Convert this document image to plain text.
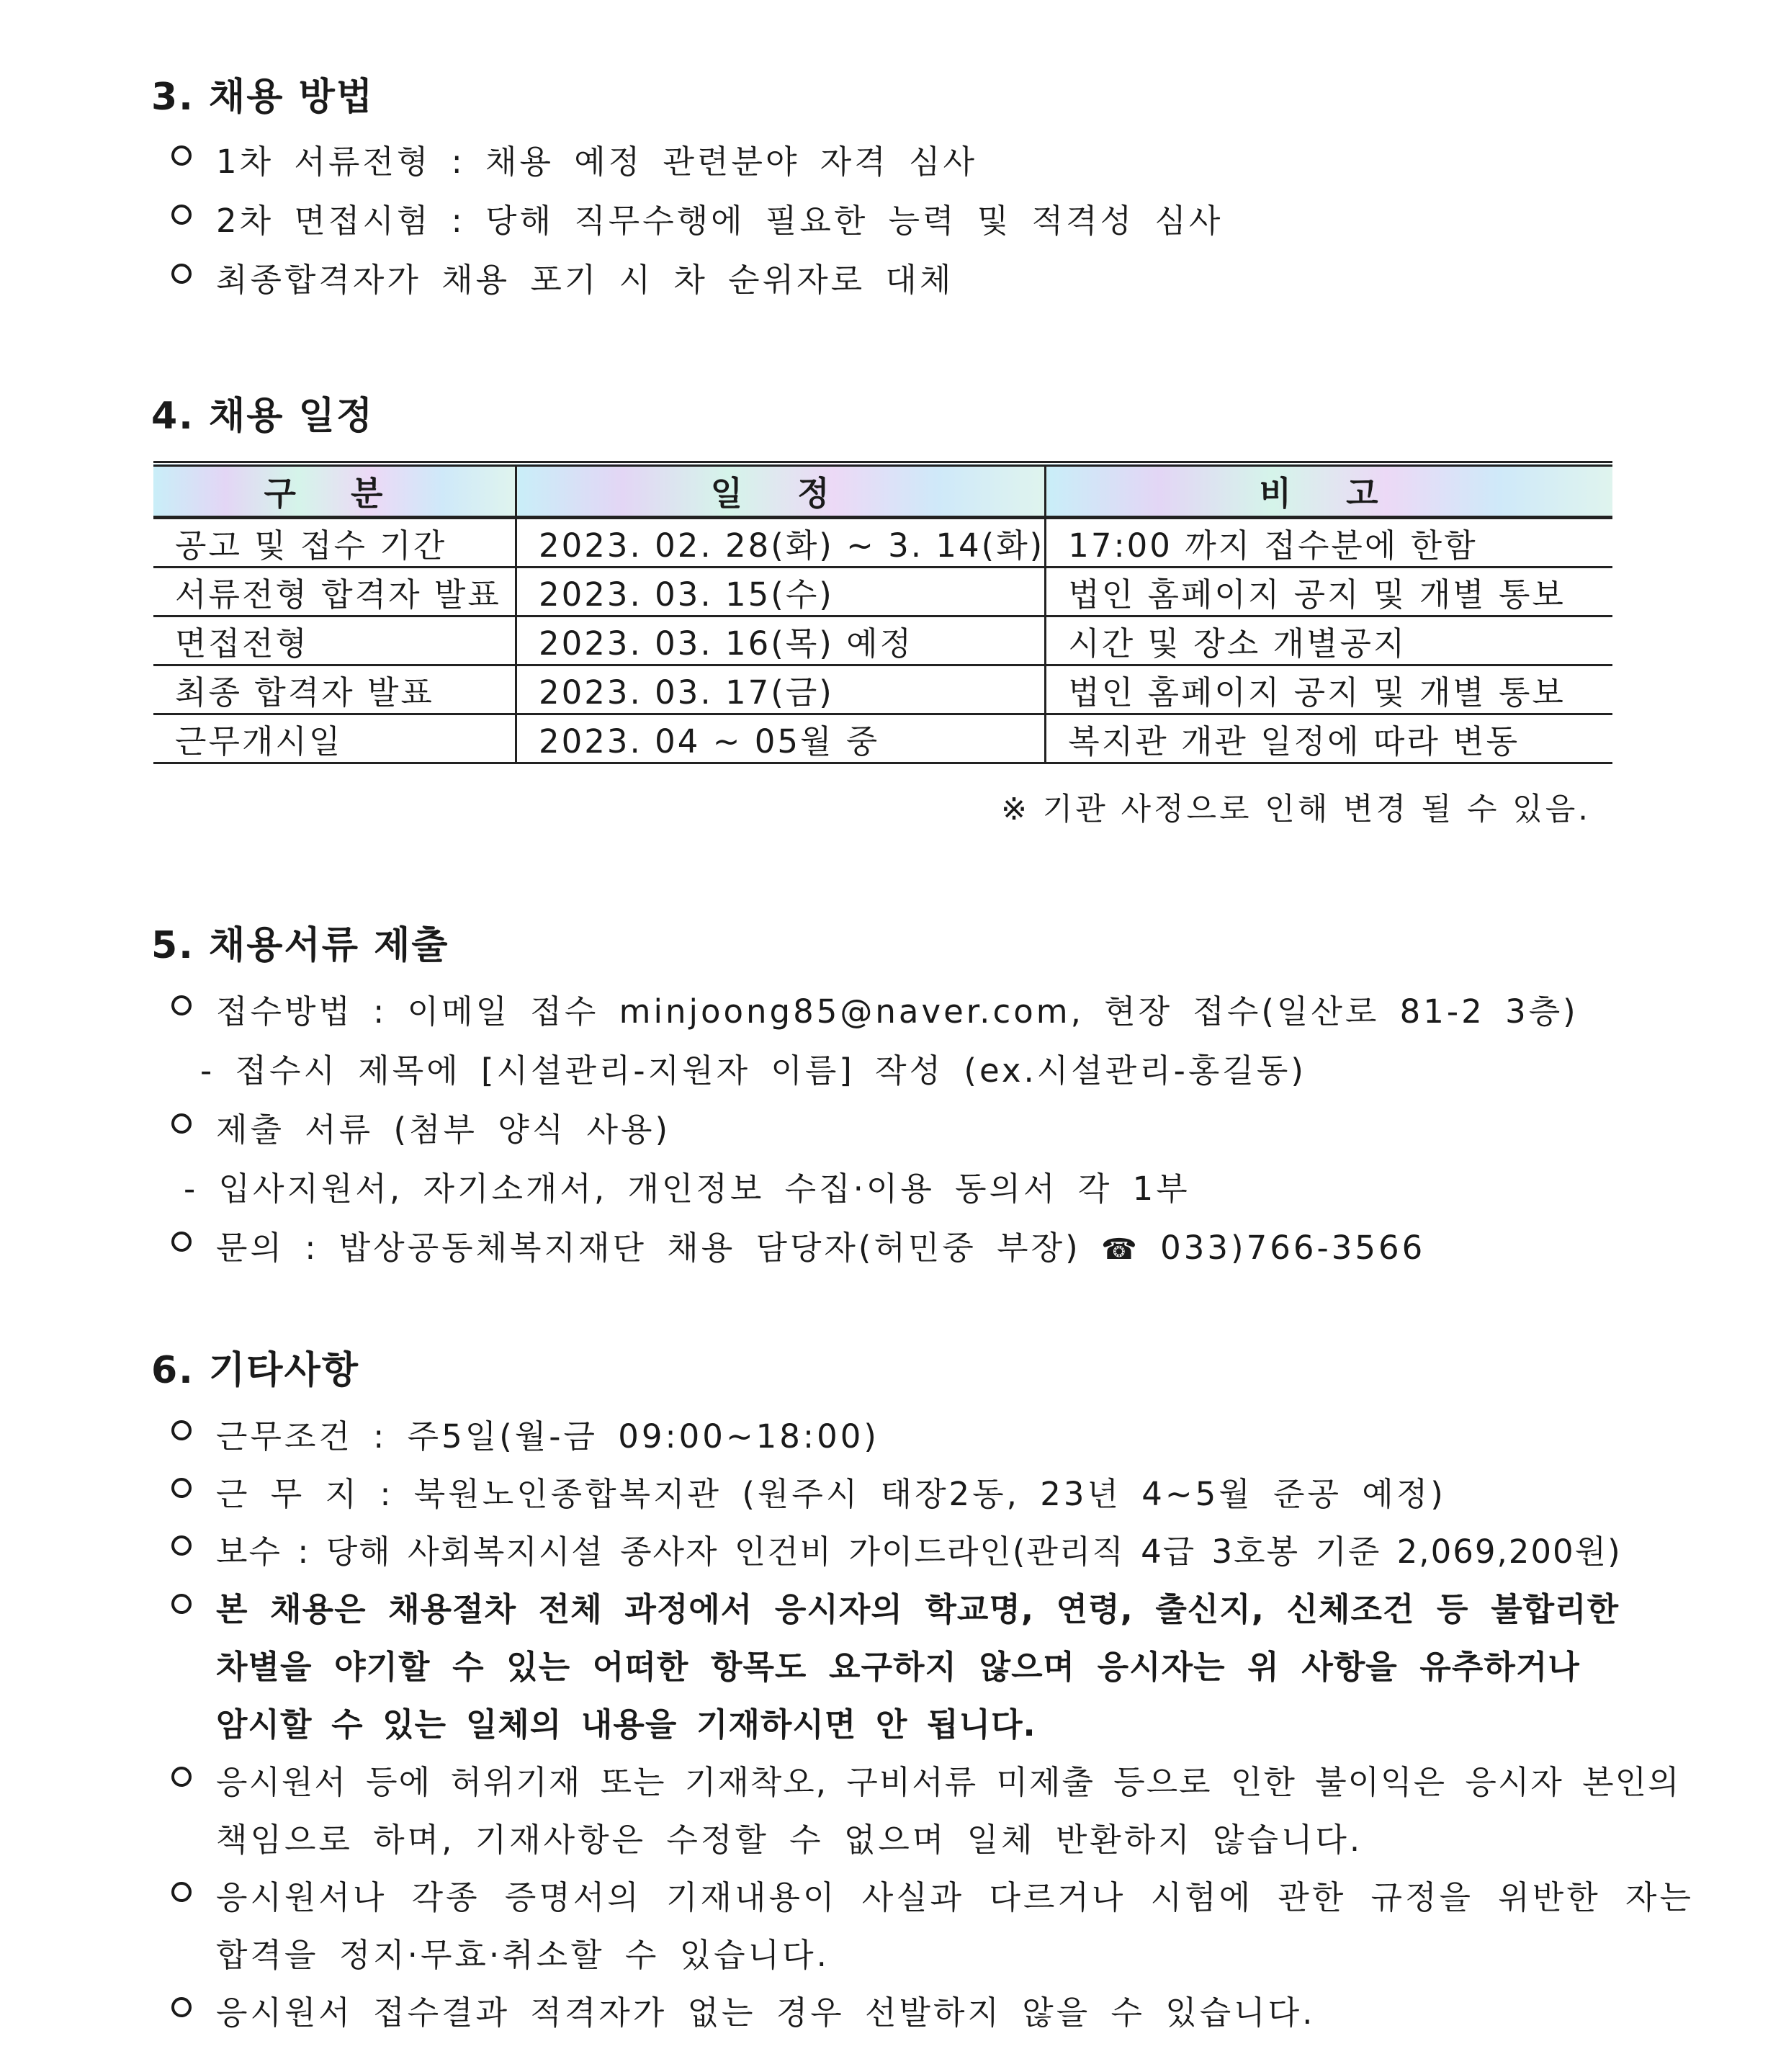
3. 채용 방법
1차 서류전형 : 채용 예정 관련분야 자격 심사
2차 면접시험 : 당해 직무수행에 필요한 능력 및 적격성 심사
최종합격자가 채용 포기 시 차 순위자로 대체
4. 채용 일정
구 분	일 정	비 고
공고 및 접수 기간	2023. 02. 28(화) ~ 3. 14(화)	17:00 까지 접수분에 한함
서류전형 합격자 발표	2023. 03. 15(수)	법인 홈페이지 공지 및 개별 통보
면접전형	2023. 03. 16(목) 예정	시간 및 장소 개별공지
최종 합격자 발표	2023. 03. 17(금)	법인 홈페이지 공지 및 개별 통보
근무개시일	2023. 04 ~ 05월 중	복지관 개관 일정에 따라 변동
※ 기관 사정으로 인해 변경 될 수 있음.
5. 채용서류 제출
접수방법 : 이메일 접수 minjoong85@naver.com, 현장 접수(일산로 81-2 3층)
- 접수시 제목에 [시설관리-지원자 이름] 작성 (ex.시설관리-홍길동)
제출 서류 (첨부 양식 사용)
- 입사지원서, 자기소개서, 개인정보 수집·이용 동의서 각 1부
문의 : 밥상공동체복지재단 채용 담당자(허민중 부장) ☎ 033)766-3566
6. 기타사항
근무조건 : 주5일(월-금 09:00~18:00)
근 무 지 : 북원노인종합복지관 (원주시 태장2동, 23년 4~5월 준공 예정)
보수 : 당해 사회복지시설 종사자 인건비 가이드라인(관리직 4급 3호봉 기준 2,069,200원)
본 채용은 채용절차 전체 과정에서 응시자의 학교명, 연령, 출신지, 신체조건 등 불합리한
차별을 야기할 수 있는 어떠한 항목도 요구하지 않으며 응시자는 위 사항을 유추하거나
암시할 수 있는 일체의 내용을 기재하시면 안 됩니다.
응시원서 등에 허위기재 또는 기재착오, 구비서류 미제출 등으로 인한 불이익은 응시자 본인의
책임으로 하며, 기재사항은 수정할 수 없으며 일체 반환하지 않습니다.
응시원서나 각종 증명서의 기재내용이 사실과 다르거나 시험에 관한 규정을 위반한 자는
합격을 정지·무효·취소할 수 있습니다.
응시원서 접수결과 적격자가 없는 경우 선발하지 않을 수 있습니다.
